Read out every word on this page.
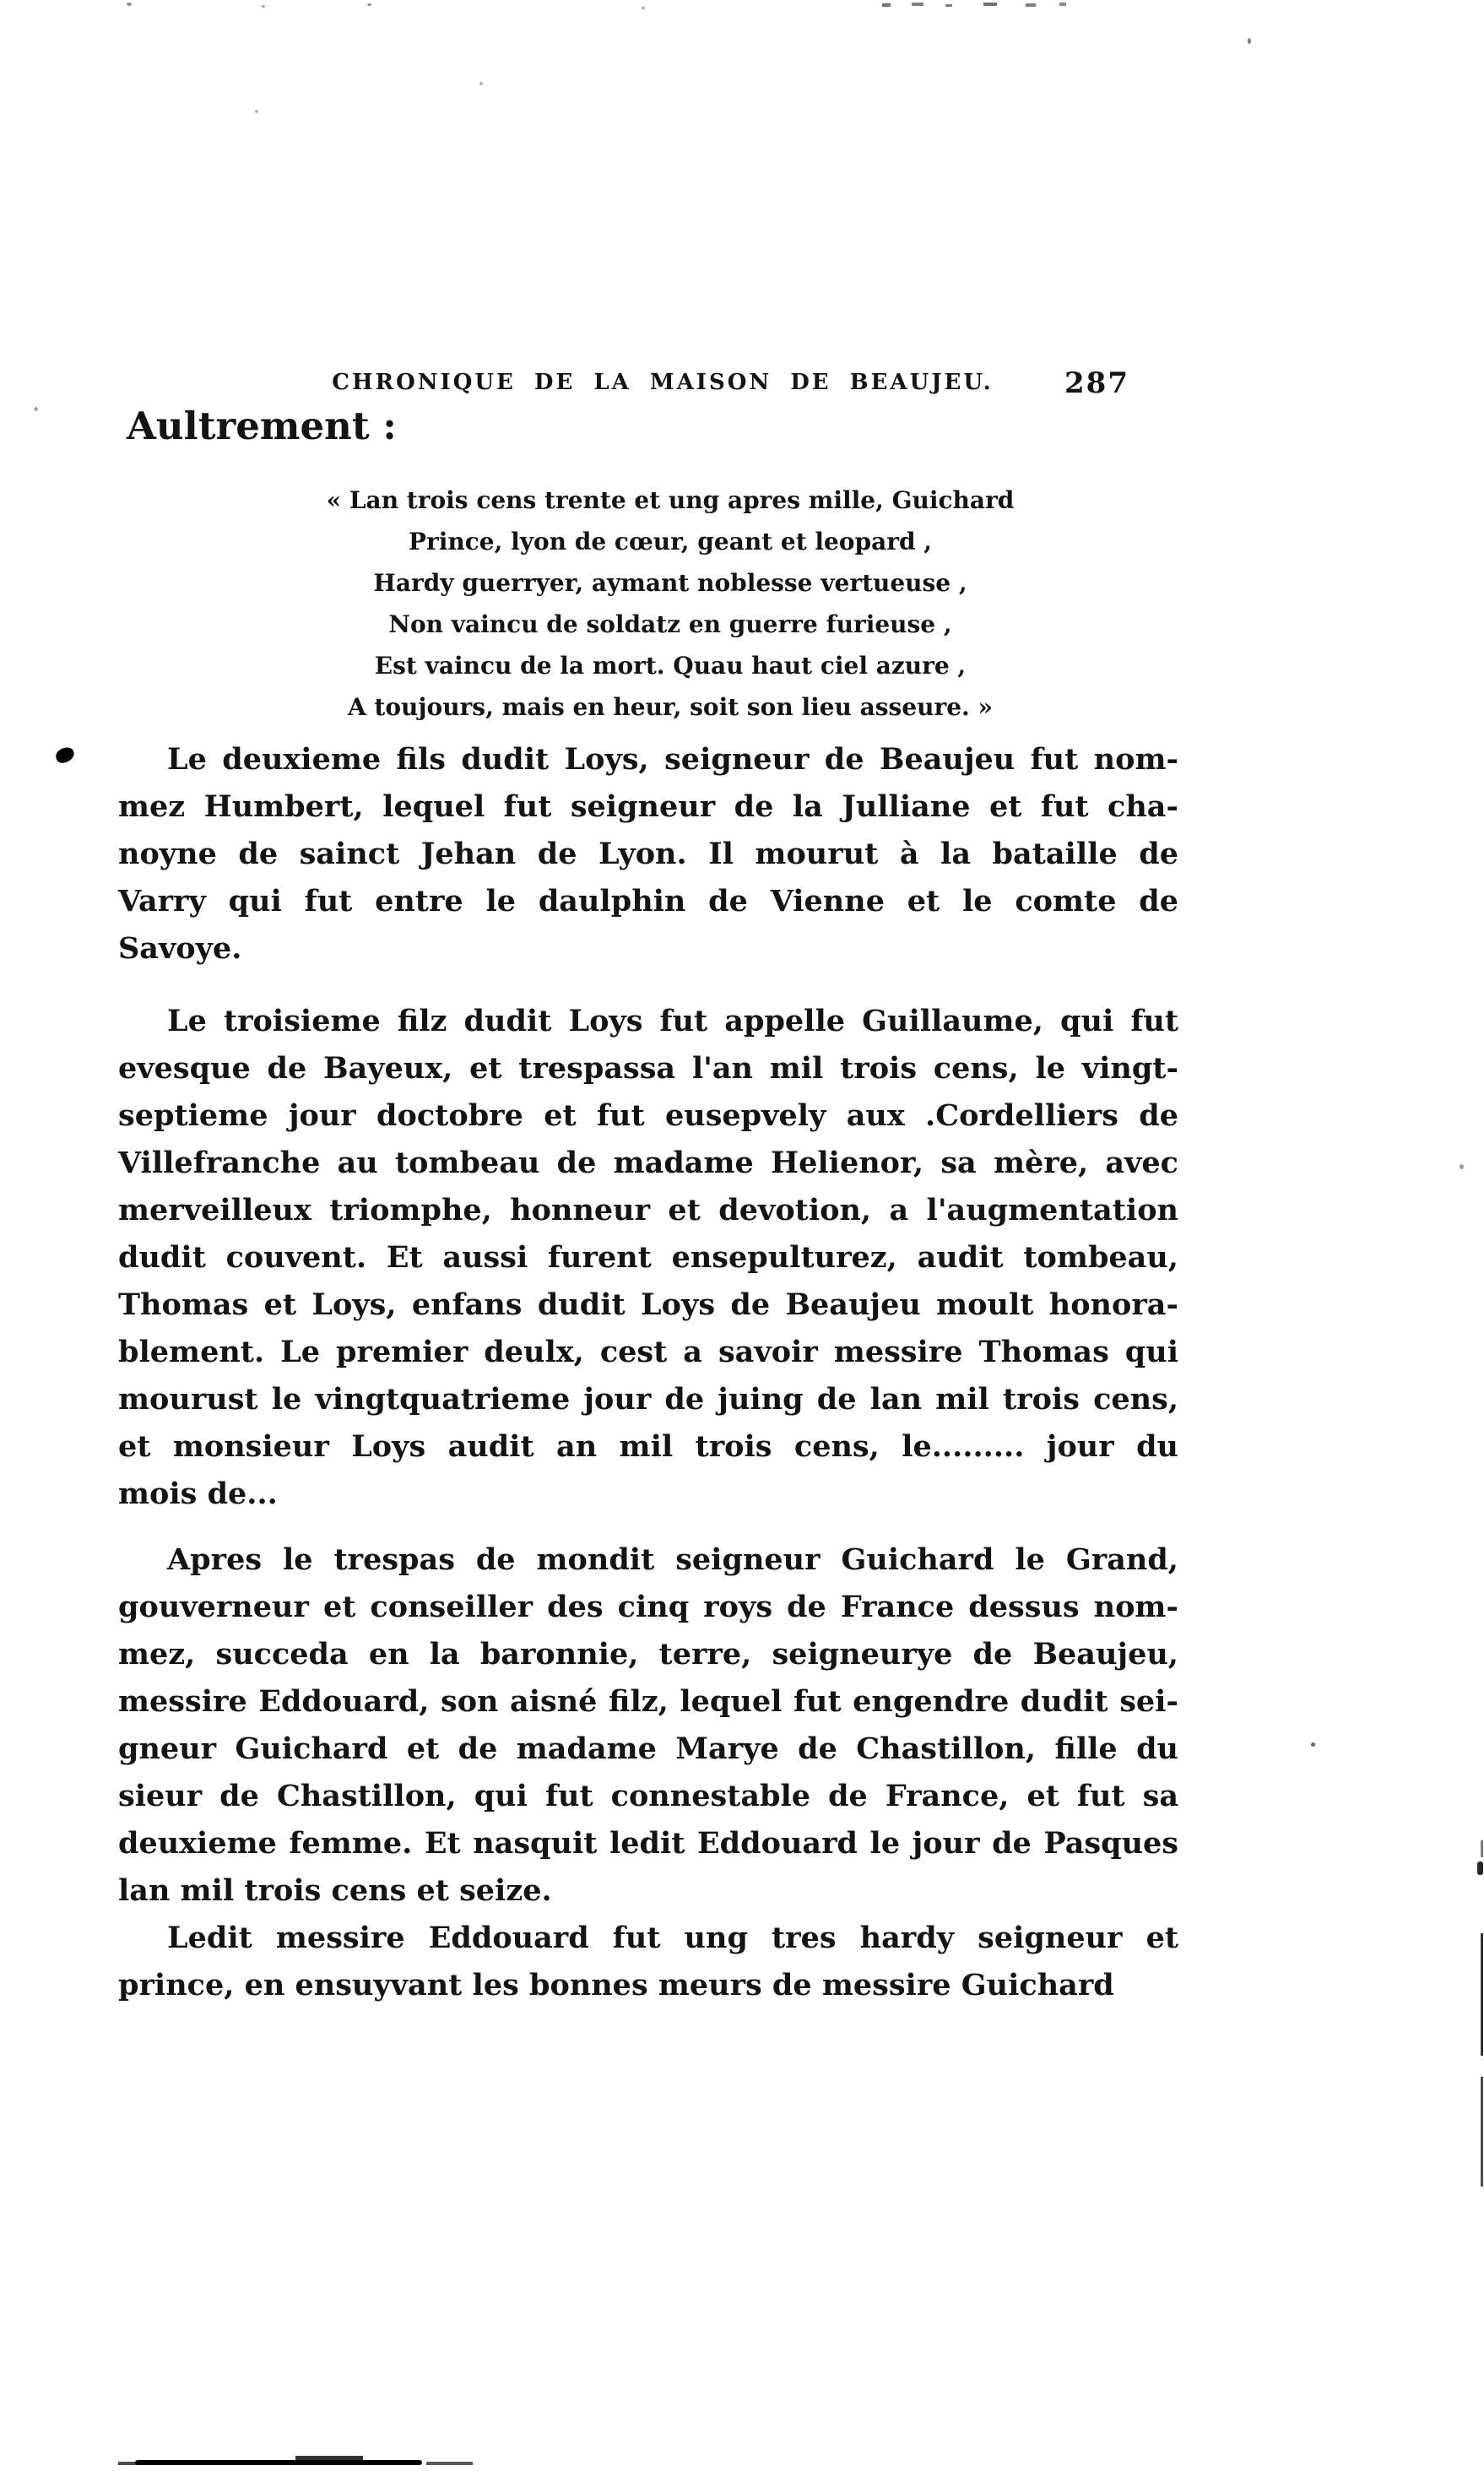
CHRONIQUE DE LA MAISON DE BEAUJEU.	287
Aultrement :
« Lan trois cens trente et ung apres mille, Guichard
Prince, lyon de cœur, geant et leopard ,
Hardy guerryer, aymant noblesse vertueuse ,
Non vaincu de soldatz en guerre furieuse ,
Est vaincu de la mort. Quau haut ciel azure ,
A toujours, mais en heur, soit son lieu asseure. »
Le deuxieme fils dudit Loys, seigneur de Beaujeu fut nom-
mez Humbert, lequel fut seigneur de la Julliane et fut cha-
noyne de sainct Jehan de Lyon. Il mourut à la bataille de
Varry qui fut entre le daulphin de Vienne et le comte de
Savoye.
Le troisieme filz dudit Loys fut appelle Guillaume, qui fut
evesque de Bayeux, et trespassa l'an mil trois cens, le vingt-
septieme jour doctobre et fut eusepvely aux .Cordelliers de
Villefranche au tombeau de madame Helienor, sa mère, avec
merveilleux triomphe, honneur et devotion, a l'augmentation
dudit couvent. Et aussi furent ensepulturez, audit tombeau,
Thomas et Loys, enfans dudit Loys de Beaujeu moult honora-
blement. Le premier deulx, cest a savoir messire Thomas qui
mourust le vingtquatrieme jour de juing de lan mil trois cens,
et monsieur Loys audit an mil trois cens, le......... jour du
mois de...
Apres le trespas de mondit seigneur Guichard le Grand,
gouverneur et conseiller des cinq roys de France dessus nom-
mez, succeda en la baronnie, terre, seigneurye de Beaujeu,
messire Eddouard, son aisné filz, lequel fut engendre dudit sei-
gneur Guichard et de madame Marye de Chastillon, fille du
sieur de Chastillon, qui fut connestable de France, et fut sa
deuxieme femme. Et nasquit ledit Eddouard le jour de Pasques
lan mil trois cens et seize.
Ledit messire Eddouard fut ung tres hardy seigneur et
prince, en ensuyvant les bonnes meurs de messire Guichard
